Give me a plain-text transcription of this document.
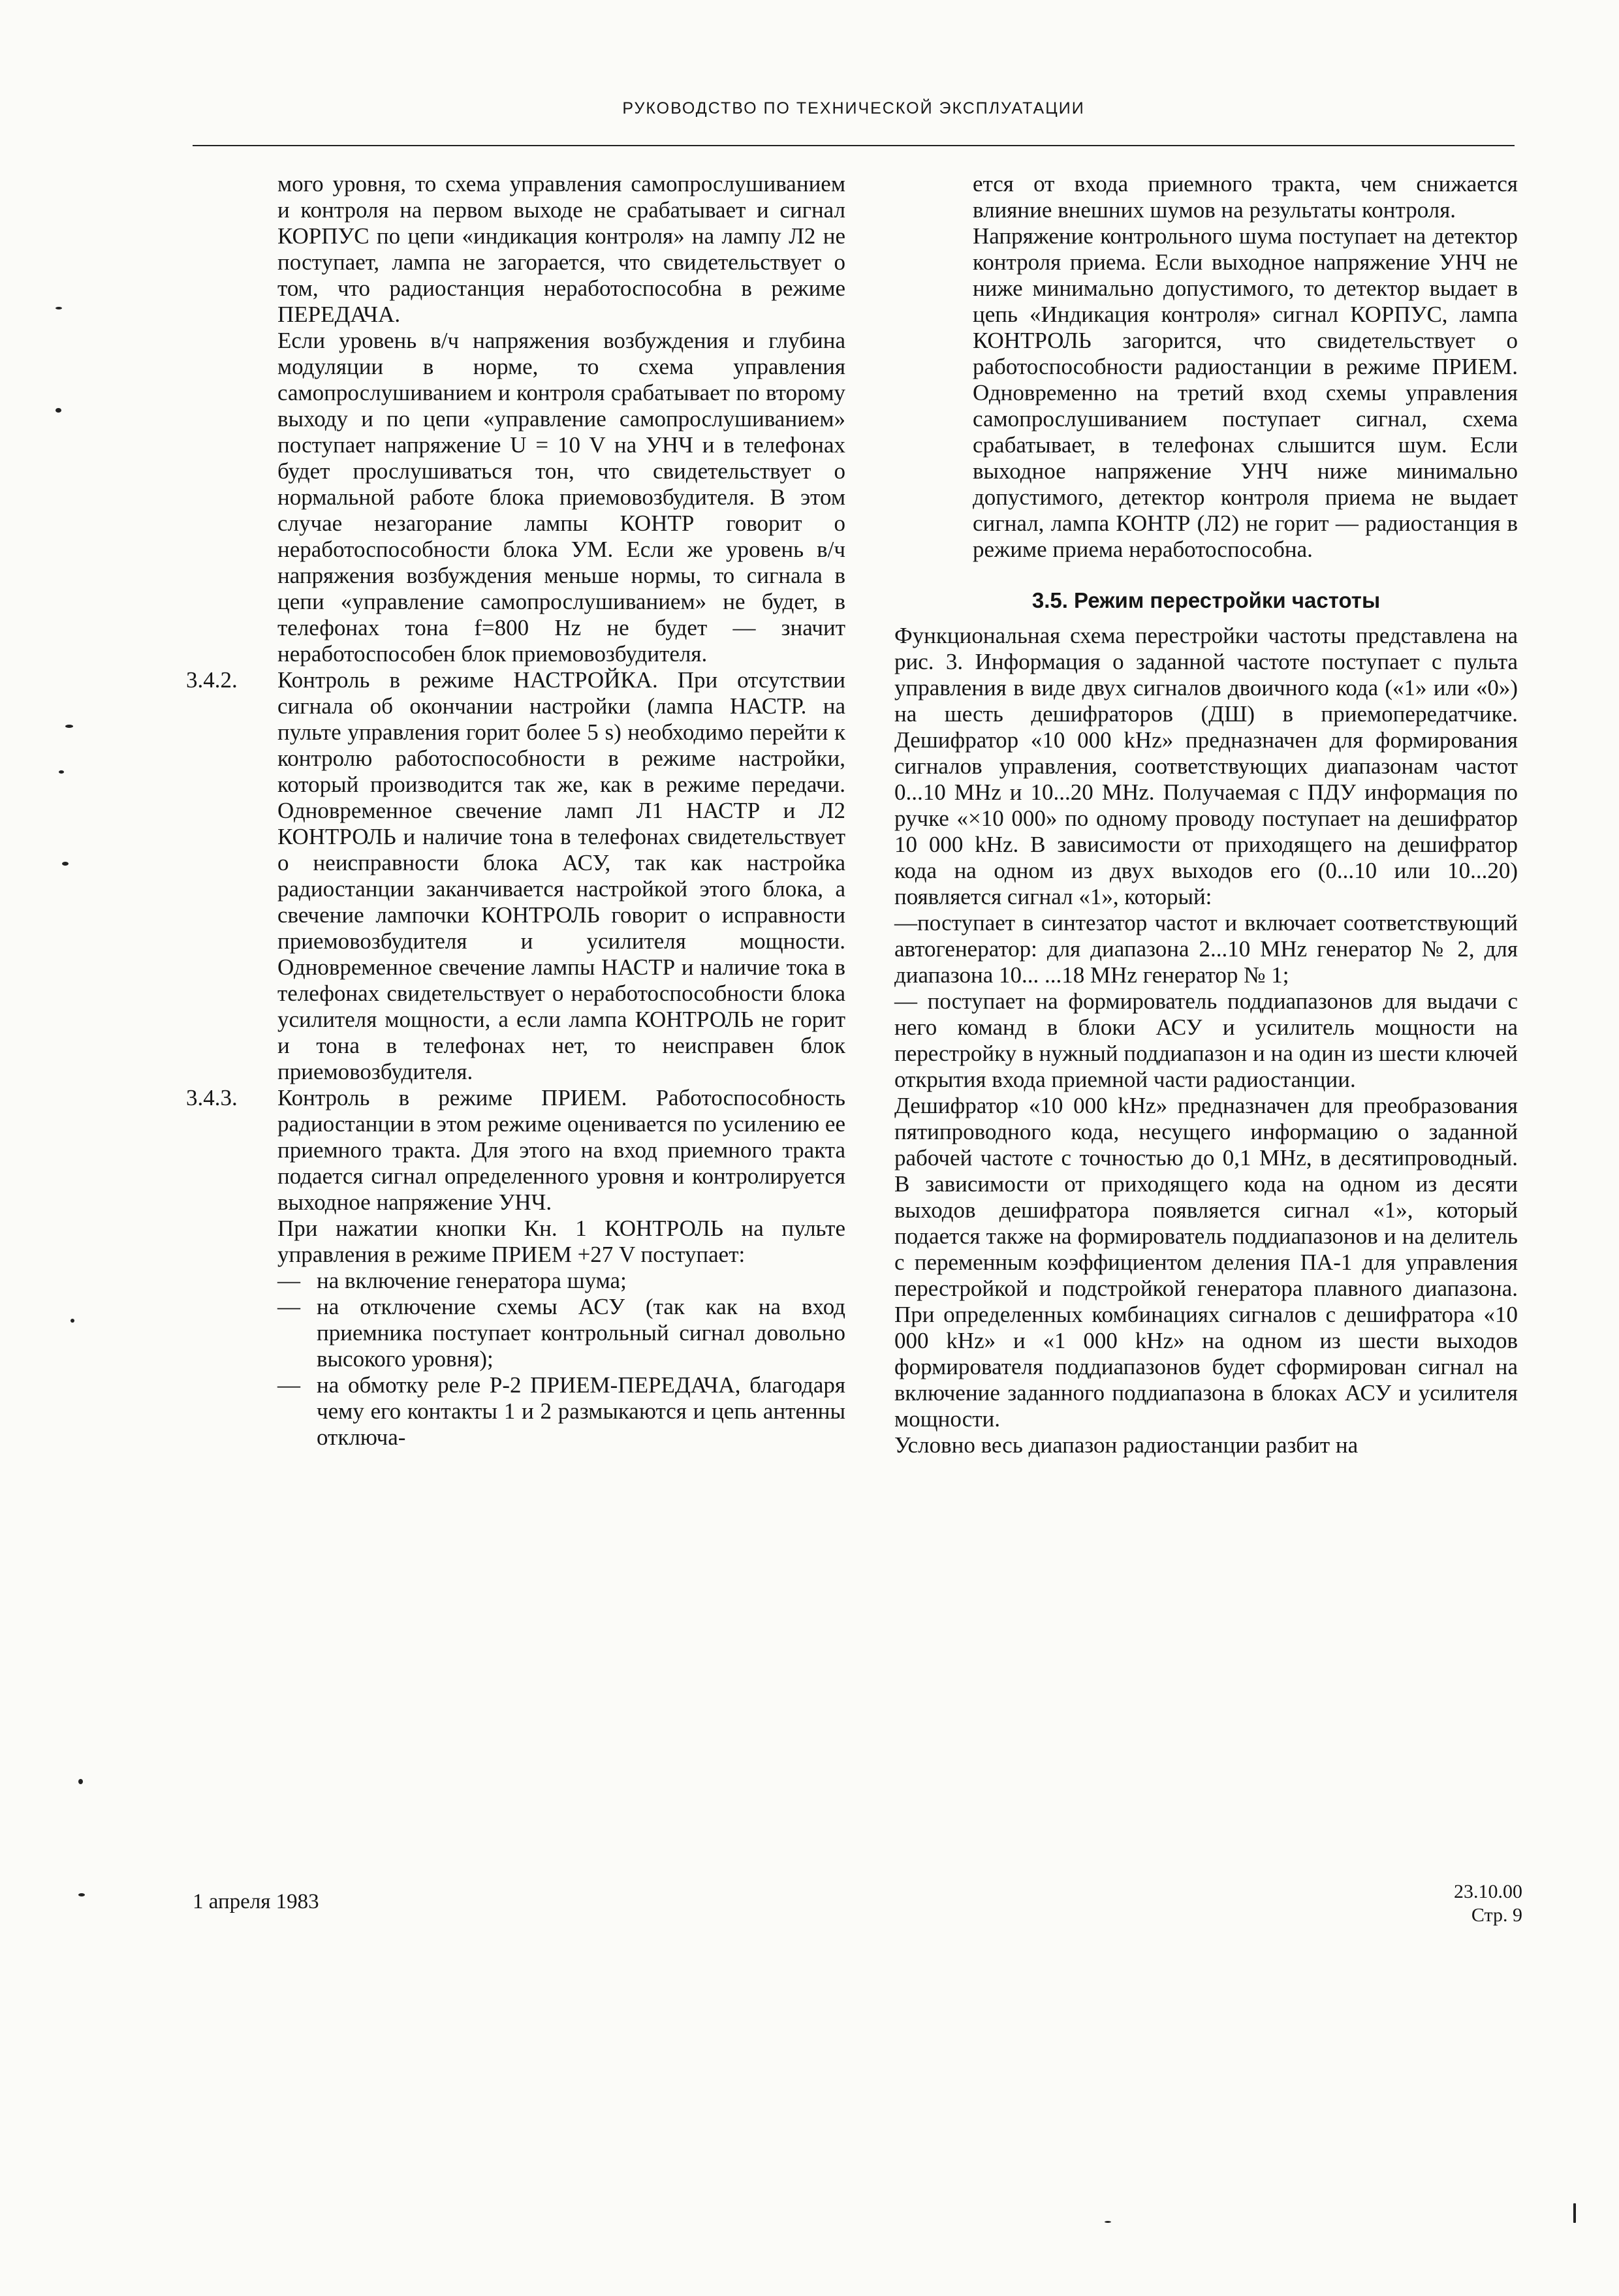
РУКОВОДСТВО ПО ТЕХНИЧЕСКОЙ ЭКСПЛУАТАЦИИ

мого уровня, то схема управления самопрослушиванием и контроля на первом выходе не срабатывает и сигнал КОРПУС по цепи «индикация контроля» на лампу Л2 не поступает, лампа не загорается, что свидетельствует о том, что радиостанция неработоспособна в режиме ПЕРЕДАЧА.

Если уровень в/ч напряжения возбуждения и глубина модуляции в норме, то схема управления самопрослушиванием и контроля срабатывает по второму выходу и по цепи «управление самопрослушиванием» поступает напряжение U = 10 V на УНЧ и в телефонах будет прослушиваться тон, что свидетельствует о нормальной работе блока приемовозбудителя. В этом случае незагорание лампы КОНТР говорит о неработоспособности блока УМ. Если же уровень в/ч напряжения возбуждения меньше нормы, то сигнала в цепи «управление самопрослушиванием» не будет, в телефонах тона f=800 Hz не будет — значит неработоспособен блок приемовозбудителя.

3.4.2.	Контроль в режиме НАСТРОЙКА. При отсутствии сигнала об окончании настройки (лампа НАСТР. на пульте управления горит более 5 s) необходимо перейти к контролю работоспособности в режиме настройки, который производится так же, как в режиме передачи. Одновременное свечение ламп Л1 НАСТР и Л2 КОНТРОЛЬ и наличие тона в телефонах свидетельствует о неисправности блока АСУ, так как настройка радиостанции заканчивается настройкой этого блока, а свечение лампочки КОНТРОЛЬ говорит о исправности приемовозбудителя и усилителя мощности. Одновременное свечение лампы НАСТР и наличие тока в телефонах свидетельствует о неработоспособности блока усилителя мощности, а если лампа КОНТРОЛЬ не горит и тона в телефонах нет, то неисправен блок приемовозбудителя.

3.4.3.	Контроль в режиме ПРИЕМ. Работоспособность радиостанции в этом режиме оценивается по усилению ее приемного тракта. Для этого на вход приемного тракта подается сигнал определенного уровня и контролируется выходное напряжение УНЧ.

При нажатии кнопки Кн. 1 КОНТРОЛЬ на пульте управления в режиме ПРИЕМ +27 V поступает:

— на включение генератора шума;

— на отключение схемы АСУ (так как на вход приемника поступает контрольный сигнал довольно высокого уровня);

— на обмотку реле Р-2 ПРИЕМ-ПЕРЕДАЧА, благодаря чему его контакты 1 и 2 размыкаются и цепь антенны отключа-

ется от входа приемного тракта, чем снижается влияние внешних шумов на результаты контроля.

Напряжение контрольного шума поступает на детектор контроля приема. Если выходное напряжение УНЧ не ниже минимально допустимого, то детектор выдает в цепь «Индикация контроля» сигнал КОРПУС, лампа КОНТРОЛЬ загорится, что свидетельствует о работоспособности радиостанции в режиме ПРИЕМ. Одновременно на третий вход схемы управления самопрослушиванием поступает сигнал, схема срабатывает, в телефонах слышится шум. Если выходное напряжение УНЧ ниже минимально допустимого, детектор контроля приема не выдает сигнал, лампа КОНТР (Л2) не горит — радиостанция в режиме приема неработоспособна.

3.5. Режим перестройки частоты

Функциональная схема перестройки частоты представлена на рис. 3. Информация о заданной частоте поступает с пульта управления в виде двух сигналов двоичного кода («1» или «0») на шесть дешифраторов (ДШ) в приемопередатчике. Дешифратор «10 000 kHz» предназначен для формирования сигналов управления, соответствующих диапазонам частот 0...10 MHz и 10...20 MHz. Получаемая с ПДУ информация по ручке «×10 000» по одному проводу поступает на дешифратор 10 000 kHz. В зависимости от приходящего на дешифратор кода на одном из двух выходов его (0...10 или 10...20) появляется сигнал «1», который:

—поступает в синтезатор частот и включает соответствующий автогенератор: для диапазона 2...10 MHz генератор № 2, для диапазона 10... ...18 MHz генератор № 1;

— поступает на формирователь поддиапазонов для выдачи с него команд в блоки АСУ и усилитель мощности на перестройку в нужный поддиапазон и на один из шести ключей открытия входа приемной части радиостанции.

Дешифратор «10 000 kHz» предназначен для преобразования пятипроводного кода, несущего информацию о заданной рабочей частоте с точностью до 0,1 MHz, в десятипроводный. В зависимости от приходящего кода на одном из десяти выходов дешифратора появляется сигнал «1», который подается также на формирователь поддиапазонов и на делитель с переменным коэффициентом деления ПА-1 для управления перестройкой и подстройкой генератора плавного диапазона. При определенных комбинациях сигналов с дешифратора «10 000 kHz» и «1 000 kHz» на одном из шести выходов формирователя поддиапазонов будет сформирован сигнал на включение заданного поддиапазона в блоках АСУ и усилителя мощности.

Условно весь диапазон радиостанции разбит на

1 апреля 1983	23.10.00
Стр. 9
